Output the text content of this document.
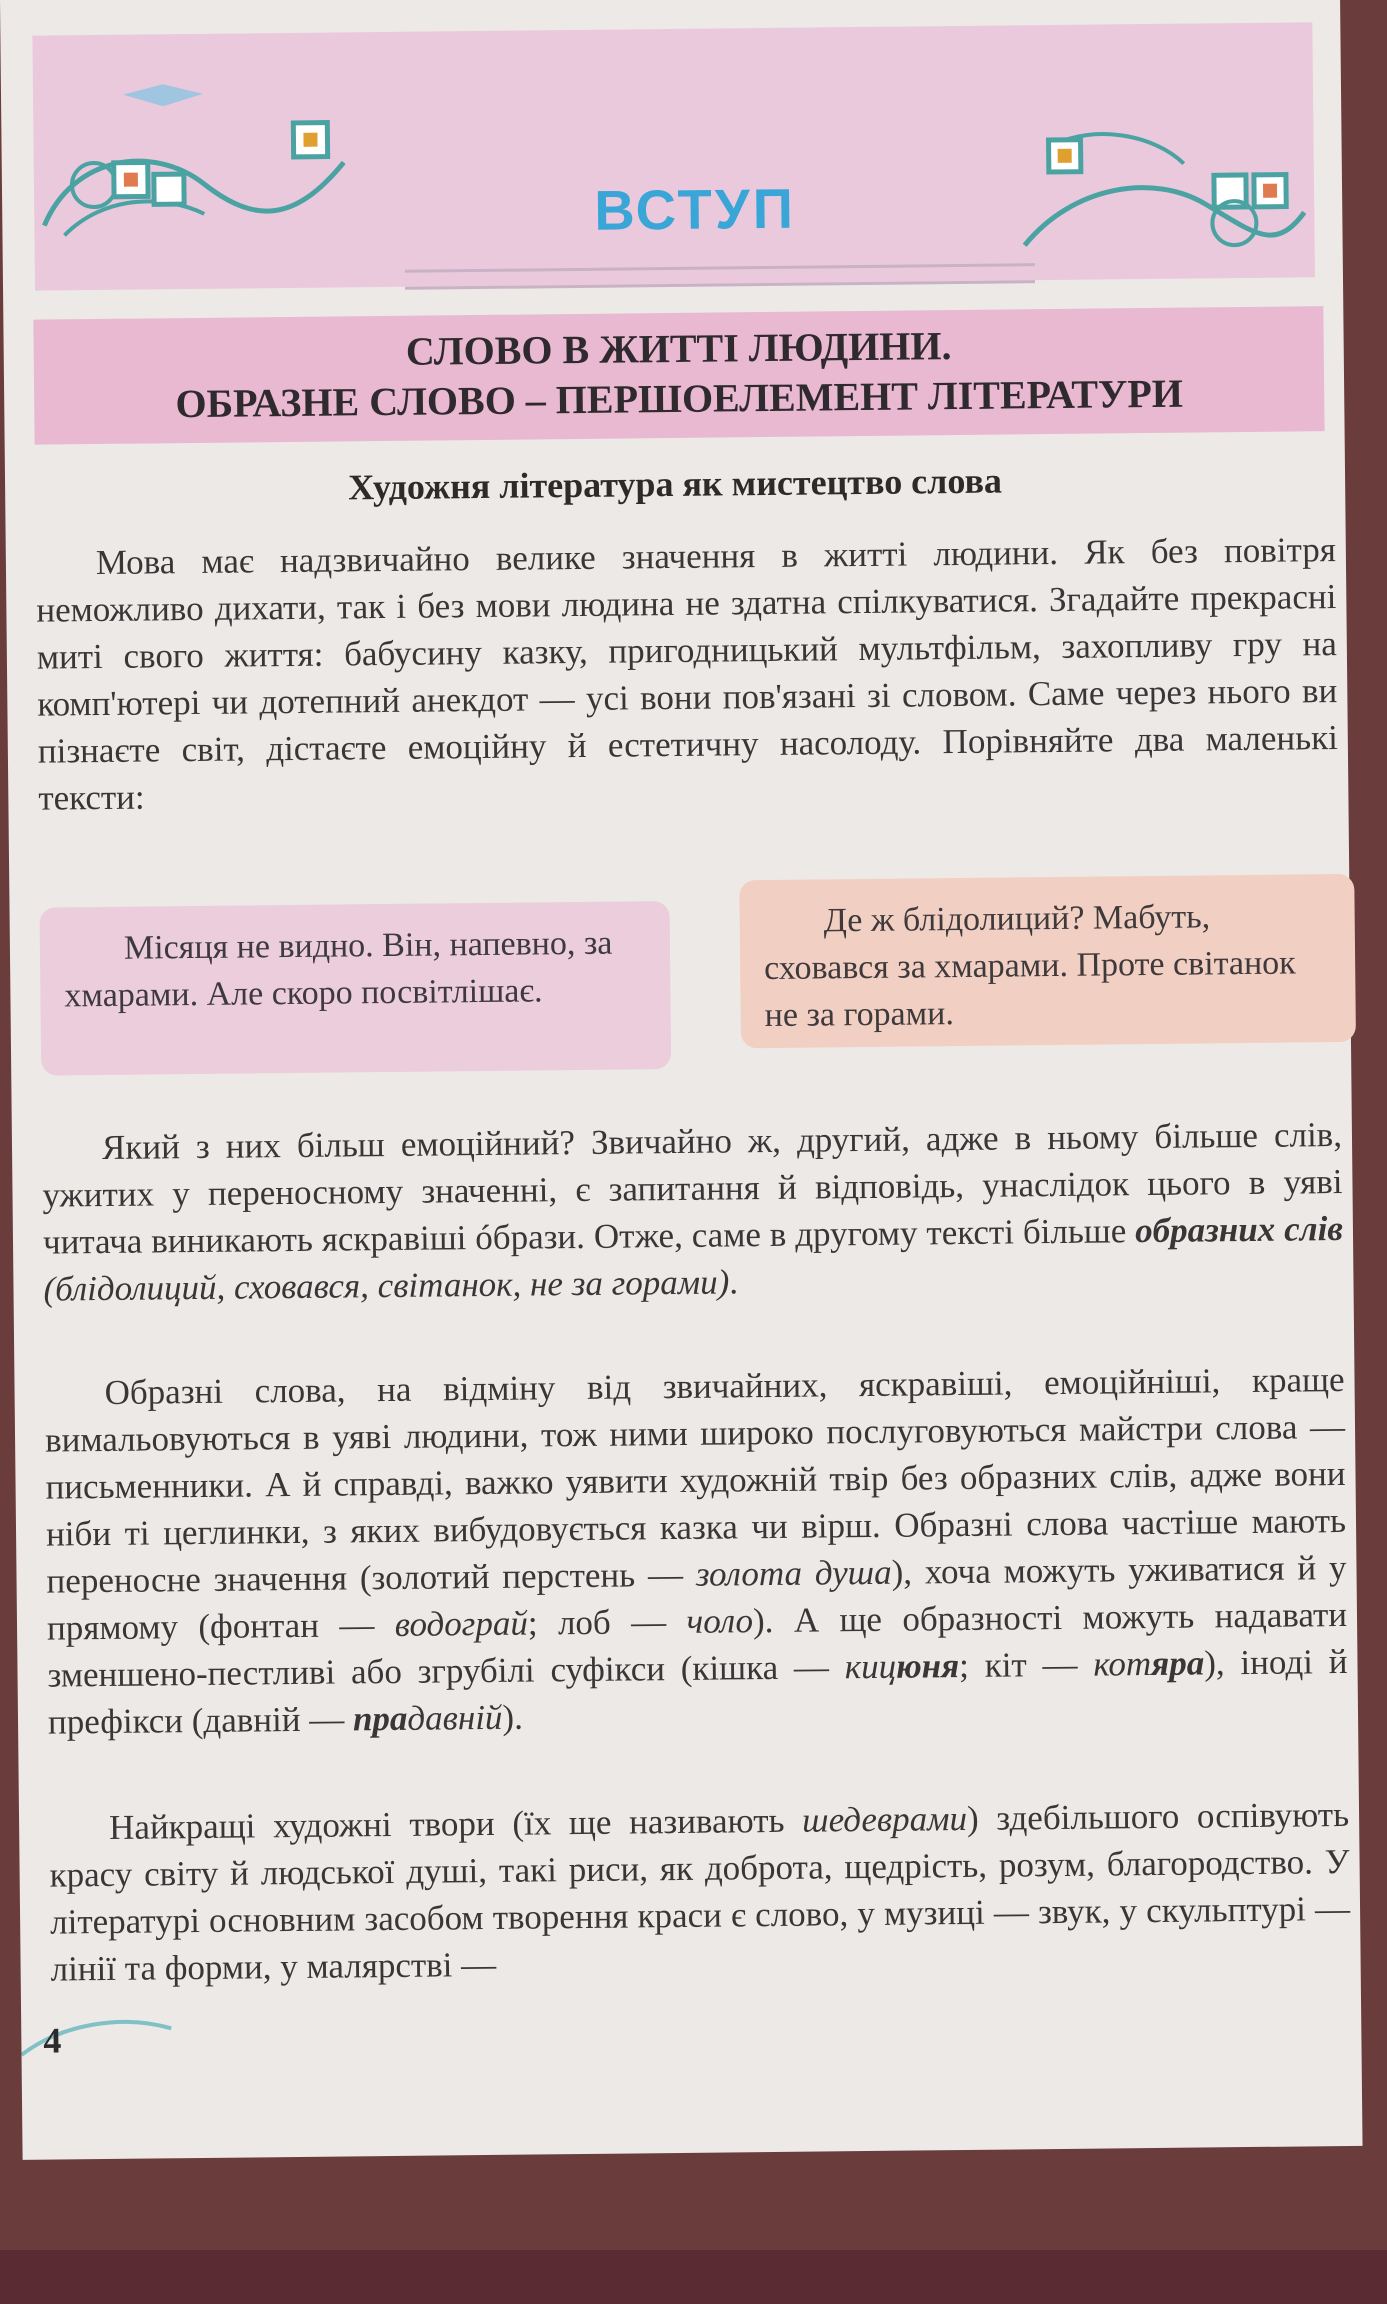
ВСТУП
СЛОВО В ЖИТТІ ЛЮДИНИ.
ОБРАЗНЕ СЛОВО – ПЕРШОЕЛЕМЕНТ ЛІТЕРАТУРИ
Художня література як мистецтво слова
Мова має надзвичайно велике значення в житті людини. Як без повітря неможливо дихати, так і без мови людина не здатна спілкуватися. Згадайте прекрасні миті свого життя: бабусину казку, пригодницький мультфільм, захопливу гру на комп'ютері чи дотепний анекдот — усі вони пов'язані зі словом. Саме через нього ви пізнаєте світ, дістаєте емоційну й естетичну насолоду. Порівняйте два маленькі тексти:

Місяця не видно. Він, напевно, за хмарами. Але скоро посвітлішає.

Де ж блідолиций? Мабуть, сховався за хмарами. Проте світанок не за горами.

Який з них більш емоційний? Звичайно ж, другий, адже в ньому більше слів, ужитих у переносному значенні, є запитання й відповідь, унаслідок цього в уяві читача виникають яскравіші óбрази. Отже, саме в другому тексті більше образних слів (блідолиций, сховався, світанок, не за горами).
Образні слова, на відміну від звичайних, яскравіші, емоційніші, краще вимальовуються в уяві людини, тож ними широко послуговуються майстри слова — письменники. А й справді, важко уявити художній твір без образних слів, адже вони ніби ті цеглинки, з яких вибудовується казка чи вірш. Образні слова частіше мають переносне значення (золотий перстень — золота душа), хоча можуть уживатися й у прямому (фонтан — водограй; лоб — чоло). А ще образності можуть надавати зменшено-пестливі або згрубілі суфікси (кішка — кицюня; кіт — котяра), іноді й префікси (давній — прадавній).
Найкращі художні твори (їх ще називають шедеврами) здебільшого оспівують красу світу й людської душі, такі риси, як доброта, щедрість, розум, благородство. У літературі основним засобом творення краси є слово, у музиці — звук, у скульптурі — лінії та форми, у малярстві —
4
